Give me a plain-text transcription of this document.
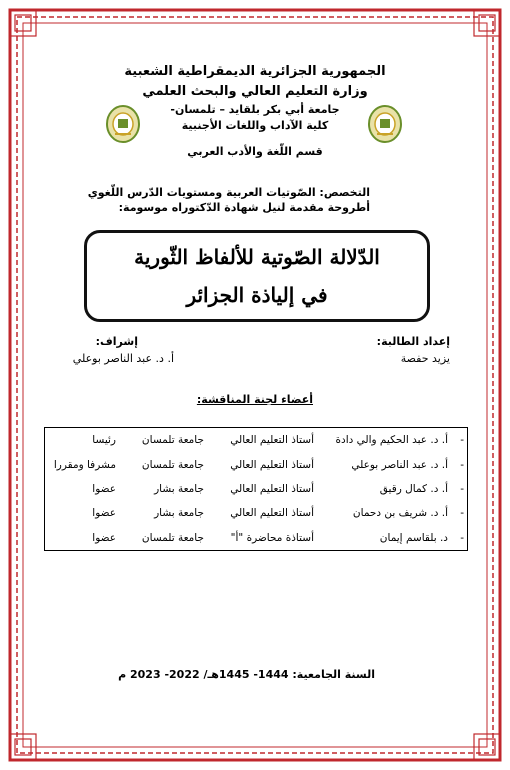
الجمهورية الجزائرية الديمقراطية الشعبية
وزارة التعليم العالي والبحث العلمي
جامعة أبي بكر بلقايد – تلمسان-
كلية الآداب واللغات الأجنبية
قسم اللّغة والأدب العربي
التخصص: الصّوتيات العربية ومستويات الدّرس اللّغوي
أطروحة مقدمة لنيل شهادة الدّكتوراه موسومة:
الدّلالة الصّوتية للألفاظ الثّورية
في إلياذة الجزائر
إعداد الطالبة:
يزيد حفصة
إشراف:
أ. د. عبد الناصر بوعلي
أعضاء لجنة المناقشة:
-	أ. د. عبد الحكيم والي دادة	أستاذ التعليم العالي	جامعة تلمسان	رئيسا
-	أ. د. عبد الناصر بوعلي	أستاذ التعليم العالي	جامعة تلمسان	مشرفا ومقررا
-	أ. د. كمال رقيق	أستاذ التعليم العالي	جامعة بشار	عضوا
-	أ. د. شريف بن دحمان	أستاذ التعليم العالي	جامعة بشار	عضوا
-	د. بلقاسم إيمان	أستاذة محاضرة "أ"	جامعة تلمسان	عضوا
السنة الجامعية: 1444- 1445هـ/ 2022- 2023 م
